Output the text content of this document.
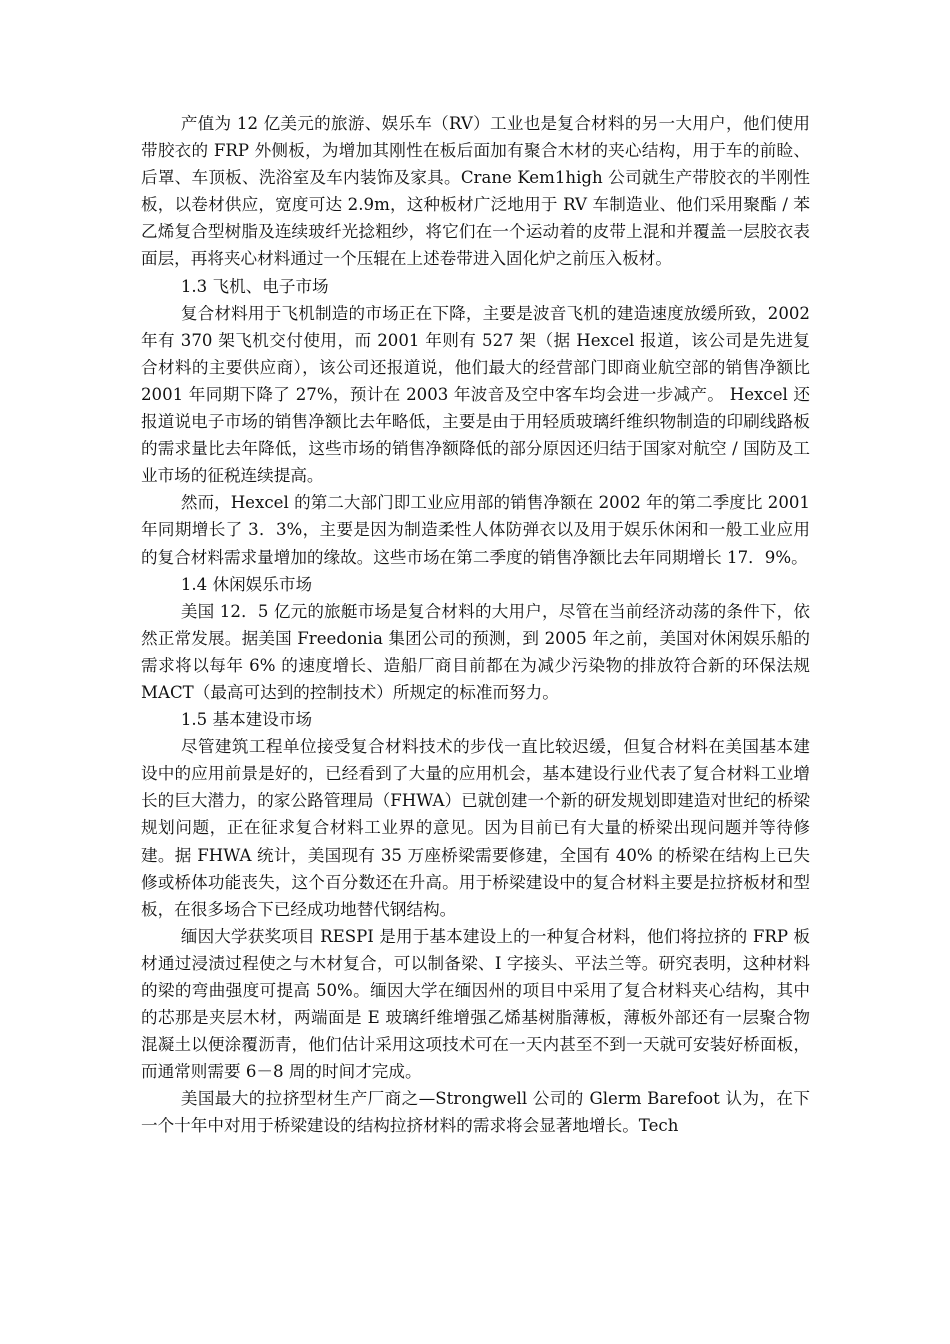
产值为 12 亿美元的旅游、娱乐车（RV）工业也是复合材料的另一大用户，他们使用带胶衣的 FRP 外侧板，为增加其刚性在板后面加有聚合木材的夹心结构，用于车的前睑、后罩、车顶板、洗浴室及车内装饰及家具。Crane Kem1high 公司就生产带胶衣的半刚性板，以卷材供应，宽度可达 2.9m，这种板材广泛地用于 RV 车制造业、他们采用聚酯 / 苯乙烯复合型树脂及连续玻纤光捻粗纱，将它们在一个运动着的皮带上混和并覆盖一层胶衣表面层，再将夹心材料通过一个压辊在上述卷带进入固化炉之前压入板材。

1.3 飞机、电子市场

复合材料用于飞机制造的市场正在下降，主要是波音飞机的建造速度放缓所致，2002 年有 370 架飞机交付使用，而 2001 年则有 527 架（据 Hexcel 报道，该公司是先进复合材料的主要供应商），该公司还报道说，他们最大的经营部门即商业航空部的销售净额比 2001 年同期下降了 27%，预计在 2003 年波音及空中客车均会进一步减产。 Hexcel 还报道说电子市场的销售净额比去年略低，主要是由于用轻质玻璃纤维织物制造的印刷线路板的需求量比去年降低，这些市场的销售净额降低的部分原因还归结于国家对航空 / 国防及工业市场的征税连续提高。

然而，Hexcel 的第二大部门即工业应用部的销售净额在 2002 年的第二季度比 2001 年同期增长了 3．3%，主要是因为制造柔性人体防弹衣以及用于娱乐休闲和一般工业应用的复合材料需求量增加的缘故。这些市场在第二季度的销售净额比去年同期增长 17．9%。

1.4 休闲娱乐市场

美国 12．5 亿元的旅艇市场是复合材料的大用户，尽管在当前经济动荡的条件下，依然正常发展。据美国 Freedonia 集团公司的预测，到 2005 年之前，美国对休闲娱乐船的需求将以每年 6% 的速度增长、造船厂商目前都在为减少污染物的排放符合新的环保法规 MACT（最高可达到的控制技术）所规定的标准而努力。

1.5 基本建设市场

尽管建筑工程单位接受复合材料技术的步伐一直比较迟缓，但复合材料在美国基本建设中的应用前景是好的，已经看到了大量的应用机会，基本建设行业代表了复合材料工业增长的巨大潜力，的家公路管理局（FHWA）已就创建一个新的研发规划即建造对世纪的桥梁规划问题，正在征求复合材料工业界的意见。因为目前已有大量的桥梁出现问题并等待修建。据 FHWA 统计，美国现有 35 万座桥梁需要修建，全国有 40% 的桥梁在结构上已失修或桥体功能丧失，这个百分数还在升高。用于桥梁建设中的复合材料主要是拉挤板材和型板，在很多场合下已经成功地替代钢结构。

缅因大学获奖项目 RESPI 是用于基本建设上的一种复合材料，他们将拉挤的 FRP 板材通过浸渍过程使之与木材复合，可以制备梁、I 字接头、平法兰等。研究表明，这种材料的梁的弯曲强度可提高 50%。缅因大学在缅因州的项目中采用了复合材料夹心结构，其中的芯那是夹层木材，两端面是 E 玻璃纤维增强乙烯基树脂薄板，薄板外部还有一层聚合物混凝土以便涂覆沥青，他们估计采用这项技术可在一天内甚至不到一天就可安装好桥面板，而通常则需要 6－8 周的时间才完成。

美国最大的拉挤型材生产厂商之—Strongwell 公司的 Glerm Barefoot 认为，在下一个十年中对用于桥梁建设的结构拉挤材料的需求将会显著地增长。Tech
